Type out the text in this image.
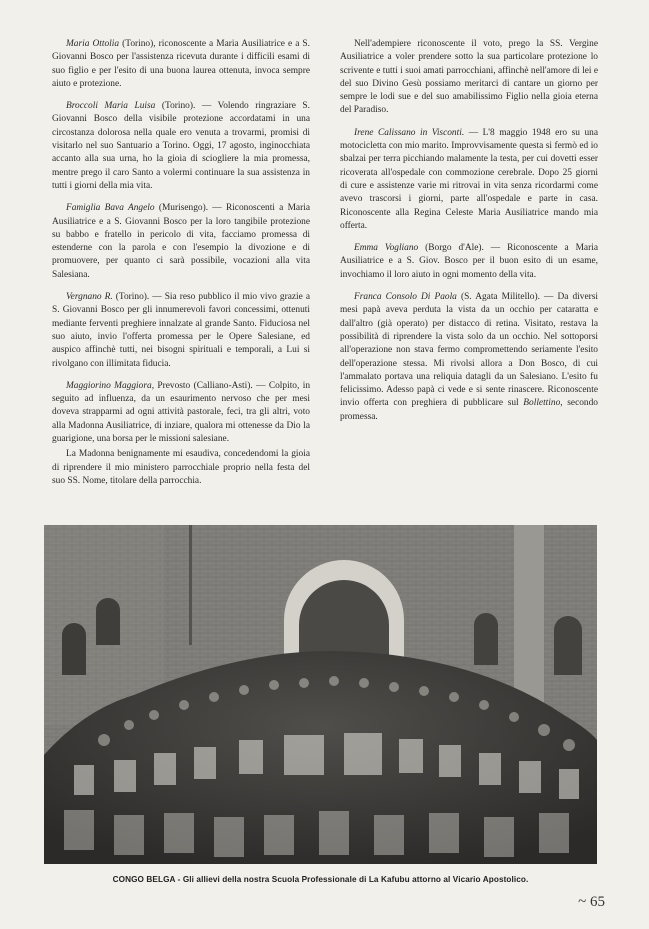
Maria Ottolia (Torino), riconoscente a Maria Ausiliatrice e a S. Giovanni Bosco per l'assistenza ricevuta durante i difficili esami di suo figlio e per l'esito di una buona laurea ottenuta, invoca sempre aiuto e protezione.

Broccoli Maria Luisa (Torino). — Volendo ringraziare S. Giovanni Bosco della visibile protezione accordatami in una circostanza dolorosa nella quale ero venuta a trovarmi, promisi di visitarlo nel suo Santuario a Torino. Oggi, 17 agosto, inginocchiata accanto alla sua urna, ho la gioia di sciogliere la mia promessa, mentre prego il caro Santo a volermi continuare la sua assistenza in tutti i giorni della mia vita.

Famiglia Bava Angelo (Murisengo). — Riconoscenti a Maria Ausiliatrice e a S. Giovanni Bosco per la loro tangibile protezione su babbo e fratello in pericolo di vita, facciamo promessa di estenderne con la parola e con l'esempio la divozione e di promuovere, per quanto ci sarà possibile, vocazioni alla vita Salesiana.

Vergnano R. (Torino). — Sia reso pubblico il mio vivo grazie a S. Giovanni Bosco per gli innumerevoli favori concessimi, ottenuti mediante ferventi preghiere innalzate al grande Santo. Fiduciosa nel suo aiuto, invio l'offerta promessa per le Opere Salesiane, ed auspico affinchè tutti, nei bisogni spirituali e temporali, a Lui si rivolgano con illimitata fiducia.

Maggiorino Maggiora, Prevosto (Calliano-Asti). — Colpito, in seguito ad influenza, da un esaurimento nervoso che per mesi doveva strapparmi ad ogni attività pastorale, feci, tra gli altri, voto alla Madonna Ausiliatrice, di inziare, qualora mi ottenesse da Dio la guarigione, una borsa per le missioni salesiane.

La Madonna benignamente mi esaudiva, concedendomi la gioia di riprendere il mio ministero parrocchiale proprio nella festa del suo SS. Nome, titolare della parrocchia.

Nell'adempiere riconoscente il voto, prego la SS. Vergine Ausiliatrice a voler prendere sotto la sua particolare protezione lo scrivente e tutti i suoi amati parrocchiani, affinchè nell'amore di lei e del suo Divino Gesù possiamo meritarci di cantare un giorno per sempre le lodi sue e del suo amabilissimo Figlio nella gioia eterna del Paradiso.

Irene Calissano in Visconti. — L'8 maggio 1948 ero su una motocicletta con mio marito. Improvvisamente questa si fermò ed io sbalzai per terra picchiando malamente la testa, per cui dovetti esser ricoverata all'ospedale con commozione cerebrale. Dopo 25 giorni di cure e assistenze varie mi ritrovai in vita senza ricordarmi come avevo trascorsi i giorni, parte all'ospedale e parte in casa. Riconoscente alla Regina Celeste Maria Ausiliatrice mando mia offerta.

Emma Vogliano (Borgo d'Ale). — Riconoscente a Maria Ausiliatrice e a S. Giov. Bosco per il buon esito di un esame, invochiamo il loro aiuto in ogni momento della vita.

Franca Consolo Di Paola (S. Agata Militello). — Da diversi mesi papà aveva perduta la vista da un occhio per cataratta e dall'altro (già operato) per distacco di retina. Visitato, restava la possibilità di riprendere la vista solo da un occhio. Nel sottoporsi all'operazione non stava fermo compromettendo seriamente l'esito dell'operazione stessa. Mi rivolsi allora a Don Bosco, di cui l'ammalato portava una reliquia datagli da un Salesiano. L'esito fu felicissimo. Adesso papà ci vede e si sente rinascere. Riconoscente invio offerta con preghiera di pubblicare sul Bollettino, secondo promessa.

CONGO BELGA - Gli allievi della nostra Scuola Professionale di La Kafubu attorno al Vicario Apostolico.
~ 65
